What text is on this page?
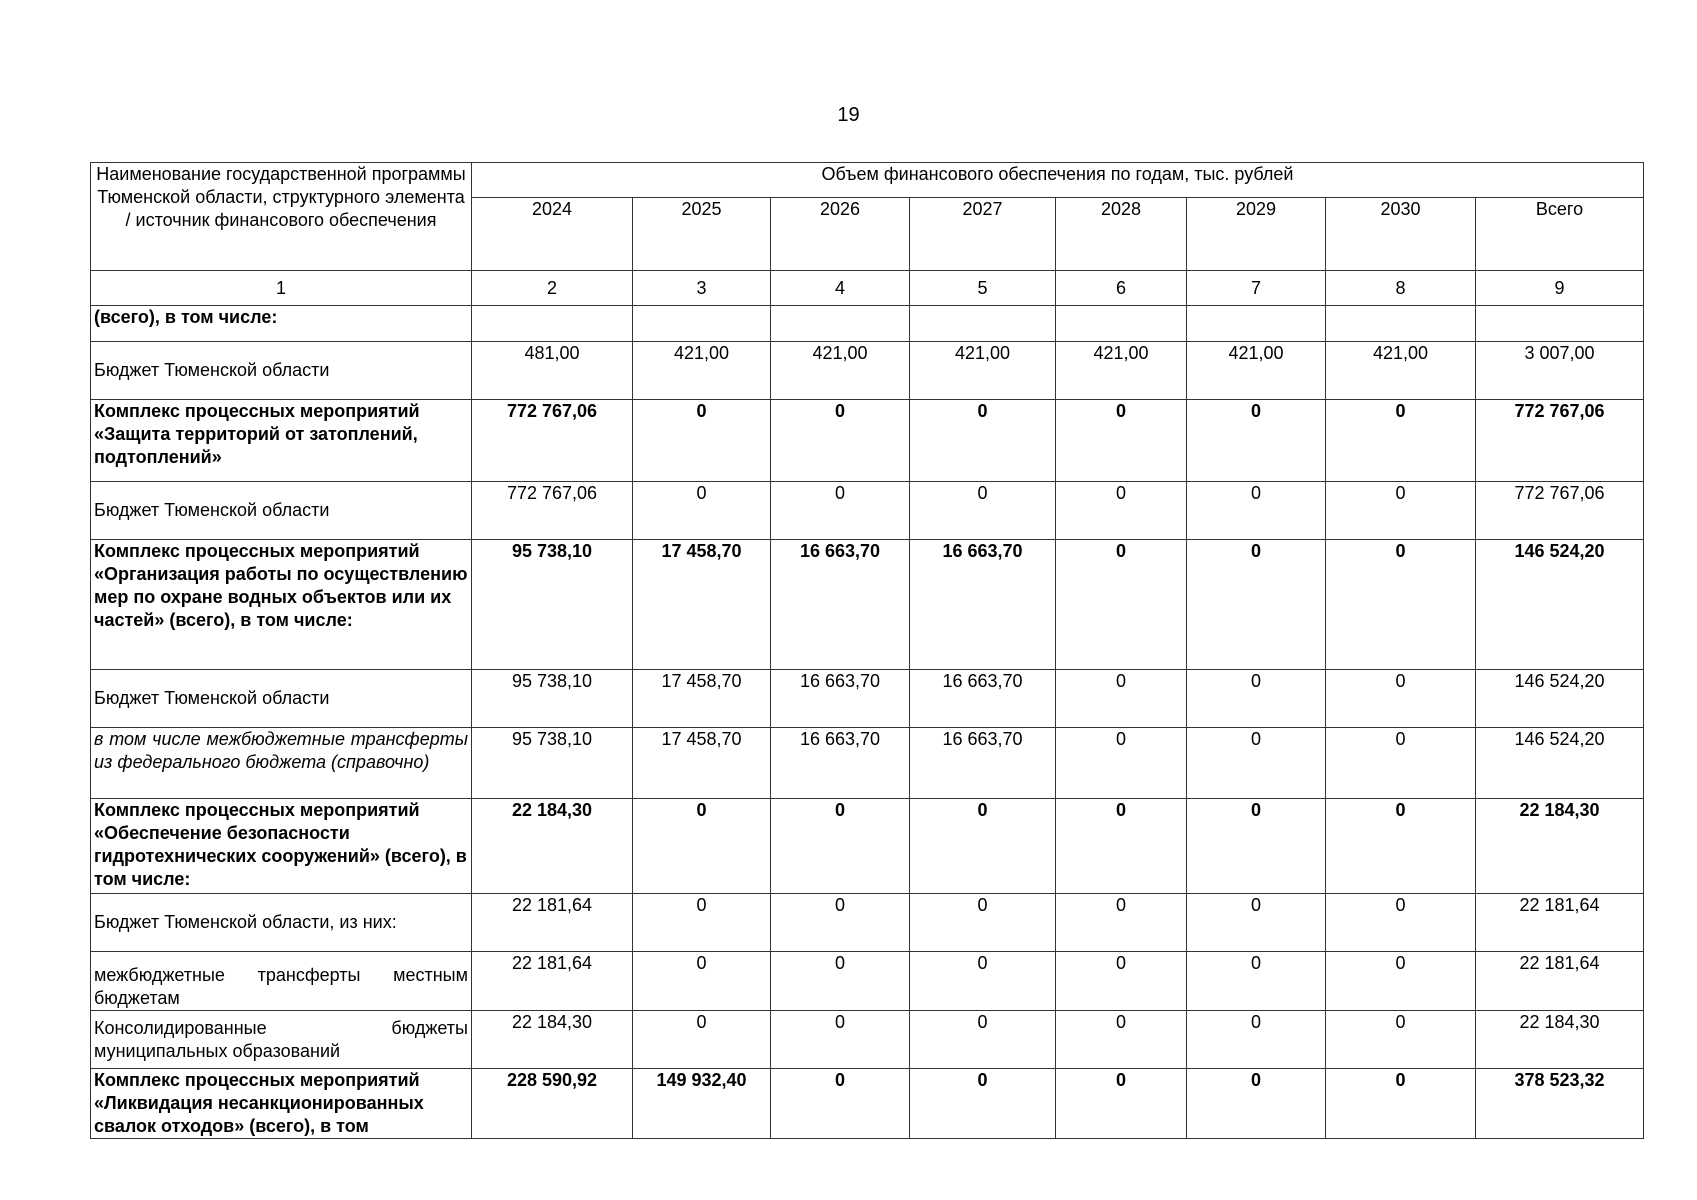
19
Наименование государственной программы Тюменской области, структурного элемента / источник финансового обеспечения	Объем финансового обеспечения по годам, тыс. рублей							
	2024	2025	2026	2027	2028	2029	2030	Всего
1	2	3	4	5	6	7	8	9
(всего), в том числе:								
Бюджет Тюменской области	481,00	421,00	421,00	421,00	421,00	421,00	421,00	3 007,00
Комплекс процессных мероприятий «Защита территорий от затоплений, подтоплений»	772 767,06	0	0	0	0	0	0	772 767,06
Бюджет Тюменской области	772 767,06	0	0	0	0	0	0	772 767,06
Комплекс процессных мероприятий «Организация работы по осуществлению мер по охране водных объектов или их частей» (всего), в том числе:	95 738,10	17 458,70	16 663,70	16 663,70	0	0	0	146 524,20
Бюджет Тюменской области	95 738,10	17 458,70	16 663,70	16 663,70	0	0	0	146 524,20
в том числе межбюджетные трансферты из федерального бюджета (справочно)	95 738,10	17 458,70	16 663,70	16 663,70	0	0	0	146 524,20
Комплекс процессных мероприятий «Обеспечение безопасности гидротехнических сооружений» (всего), в том числе:	22 184,30	0	0	0	0	0	0	22 184,30
Бюджет Тюменской области, из них:	22 181,64	0	0	0	0	0	0	22 181,64
межбюджетные трансферты местным бюджетам	22 181,64	0	0	0	0	0	0	22 181,64
Консолидированные бюджеты муниципальных образований	22 184,30	0	0	0	0	0	0	22 184,30
Комплекс процессных мероприятий «Ликвидация несанкционированных свалок отходов» (всего), в том	228 590,92	149 932,40	0	0	0	0	0	378 523,32
